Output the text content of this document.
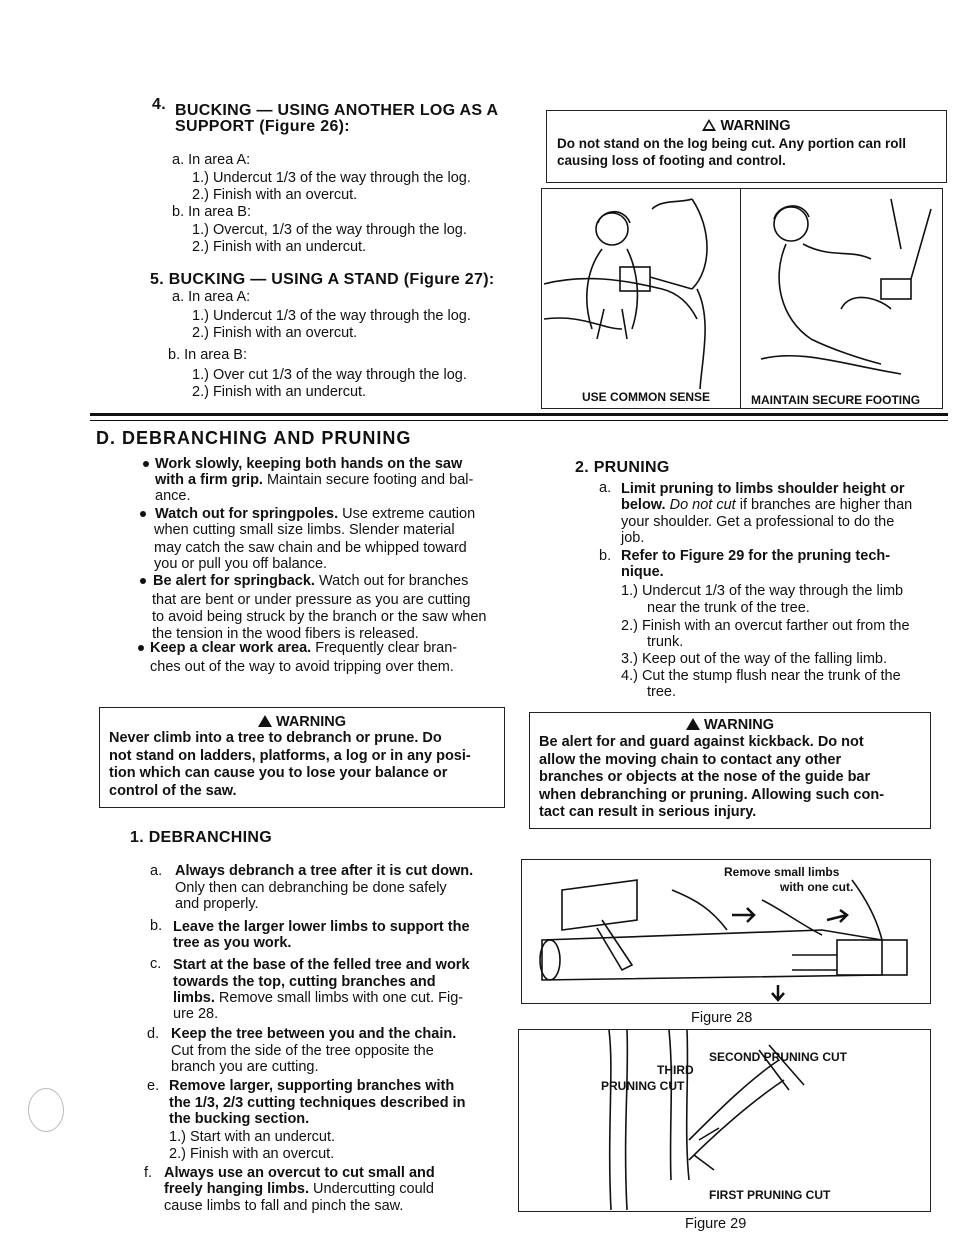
4. BUCKING — USING ANOTHER LOG AS A
SUPPORT (Figure 26):
a. In area A:
1.) Undercut 1/3 of the way through the log.
2.) Finish with an overcut.
b. In area B:
1.) Overcut, 1/3 of the way through the log.
2.) Finish with an undercut.
5. BUCKING — USING A STAND (Figure 27):
a. In area A:
1.) Undercut 1/3 of the way through the log.
2.) Finish with an overcut.
b. In area B:
1.) Over cut 1/3 of the way through the log.
2.) Finish with an undercut.
WARNING
Do not stand on the log being cut. Any portion can roll
causing loss of footing and control.
USE COMMON SENSE	MAINTAIN SECURE FOOTING
D. DEBRANCHING AND PRUNING
Work slowly, keeping both hands on the saw
with a firm grip. Maintain secure footing and bal-
ance.
Watch out for springpoles. Use extreme caution
when cutting small size limbs. Slender material
may catch the saw chain and be whipped toward
you or pull you off balance.
Be alert for springback. Watch out for branches
that are bent or under pressure as you are cutting
to avoid being struck by the branch or the saw when
the tension in the wood fibers is released.
Keep a clear work area. Frequently clear bran-
ches out of the way to avoid tripping over them.
2. PRUNING
a. Limit pruning to limbs shoulder height or
below. Do not cut if branches are higher than
your shoulder. Get a professional to do the
job.
b. Refer to Figure 29 for the pruning tech-
nique.
1.) Undercut 1/3 of the way through the limb
near the trunk of the tree.
2.) Finish with an overcut farther out from the
trunk.
3.) Keep out of the way of the falling limb.
4.) Cut the stump flush near the trunk of the
tree.
WARNING
Never climb into a tree to debranch or prune. Do
not stand on ladders, platforms, a log or in any posi-
tion which can cause you to lose your balance or
control of the saw.
WARNING
Be alert for and guard against kickback. Do not
allow the moving chain to contact any other
branches or objects at the nose of the guide bar
when debranching or pruning. Allowing such con-
tact can result in serious injury.
1. DEBRANCHING
a. Always debranch a tree after it is cut down.
Only then can debranching be done safely
and properly.
b. Leave the larger lower limbs to support the
tree as you work.
c. Start at the base of the felled tree and work
towards the top, cutting branches and
limbs. Remove small limbs with one cut. Fig-
ure 28.
d. Keep the tree between you and the chain.
Cut from the side of the tree opposite the
branch you are cutting.
e. Remove larger, supporting branches with
the 1/3, 2/3 cutting techniques described in
the bucking section.
1.) Start with an undercut.
2.) Finish with an overcut.
f. Always use an overcut to cut small and
freely hanging limbs. Undercutting could
cause limbs to fall and pinch the saw.
Remove small limbs
with one cut.
Figure 28
SECOND PRUNING CUT
THIRD
PRUNING CUT
FIRST PRUNING CUT
Figure 29
